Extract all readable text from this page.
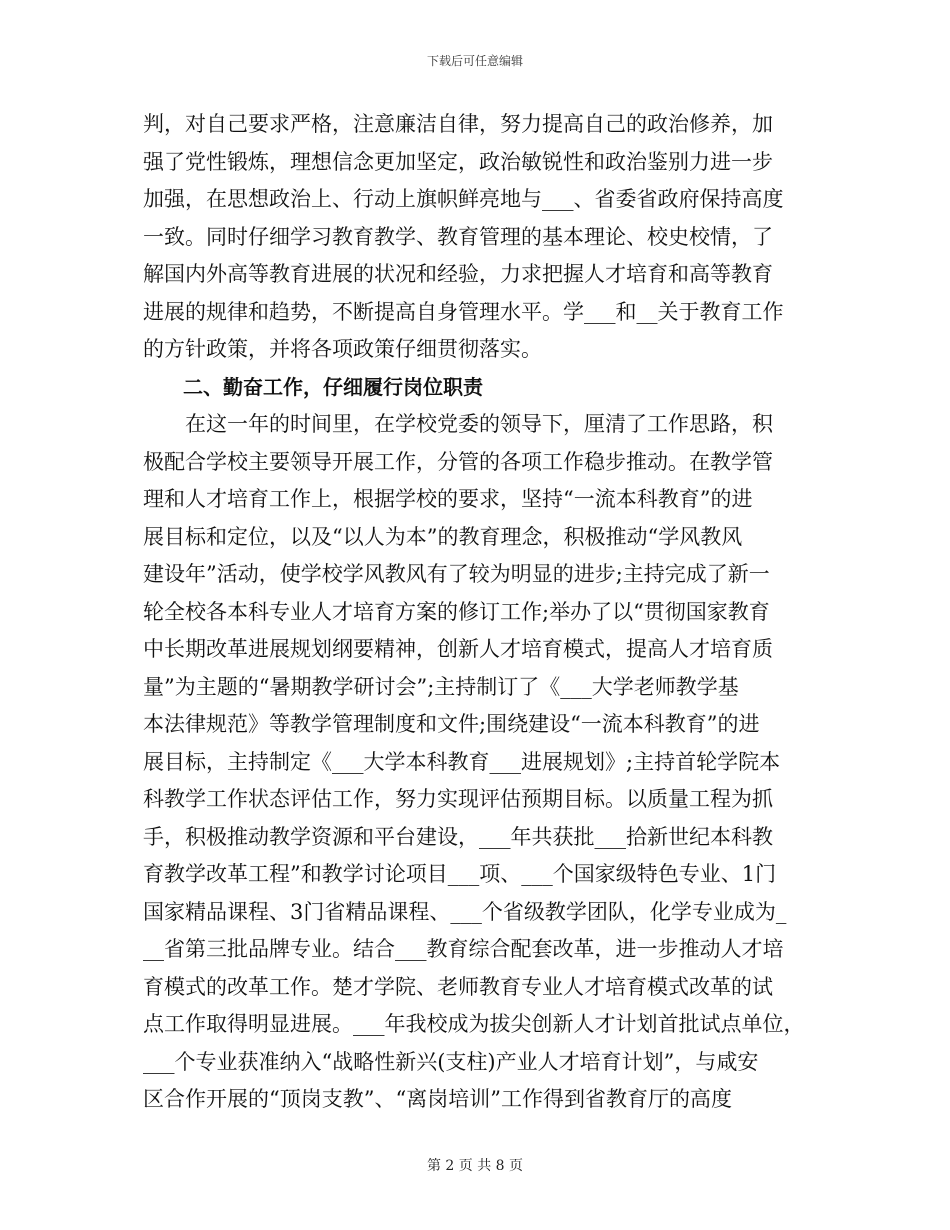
下载后可任意编辑
判，对自己要求严格，注意廉洁自律，努力提高自己的政治修养，加
强了党性锻炼，理想信念更加坚定，政治敏锐性和政治鉴别力进一步
加强，在思想政治上、行动上旗帜鲜亮地与___、省委省政府保持高度
一致。同时仔细学习教育教学、教育管理的基本理论、校史校情，了
解国内外高等教育进展的状况和经验，力求把握人才培育和高等教育
进展的规律和趋势，不断提高自身管理水平。学___和__关于教育工作
的方针政策，并将各项政策仔细贯彻落实。
　　二、勤奋工作，仔细履行岗位职责
　　在这一年的时间里，在学校党委的领导下，厘清了工作思路，积
极配合学校主要领导开展工作，分管的各项工作稳步推动。在教学管
理和人才培育工作上，根据学校的要求，坚持“一流本科教育”的进
展目标和定位，以及“以人为本”的教育理念，积极推动“学风教风
建设年”活动，使学校学风教风有了较为明显的进步;主持完成了新一
轮全校各本科专业人才培育方案的修订工作;举办了以“贯彻国家教育
中长期改革进展规划纲要精神，创新人才培育模式，提高人才培育质
量”为主题的“暑期教学研讨会”;主持制订了《___大学老师教学基
本法律规范》等教学管理制度和文件;围绕建设“一流本科教育”的进
展目标，主持制定《___大学本科教育___进展规划》;主持首轮学院本
科教学工作状态评估工作，努力实现评估预期目标。以质量工程为抓
手，积极推动教学资源和平台建设，___年共获批___拾新世纪本科教
育教学改革工程”和教学讨论项目___项、___个国家级特色专业、1门
国家精品课程、3门省精品课程、___个省级教学团队，化学专业成为_
__省第三批品牌专业。结合___教育综合配套改革，进一步推动人才培
育模式的改革工作。楚才学院、老师教育专业人才培育模式改革的试
点工作取得明显进展。___年我校成为拔尖创新人才计划首批试点单位，
___个专业获准纳入“战略性新兴(支柱)产业人才培育计划”，与咸安
区合作开展的“顶岗支教”、“离岗培训”工作得到省教育厅的高度
第 2 页 共 8 页
